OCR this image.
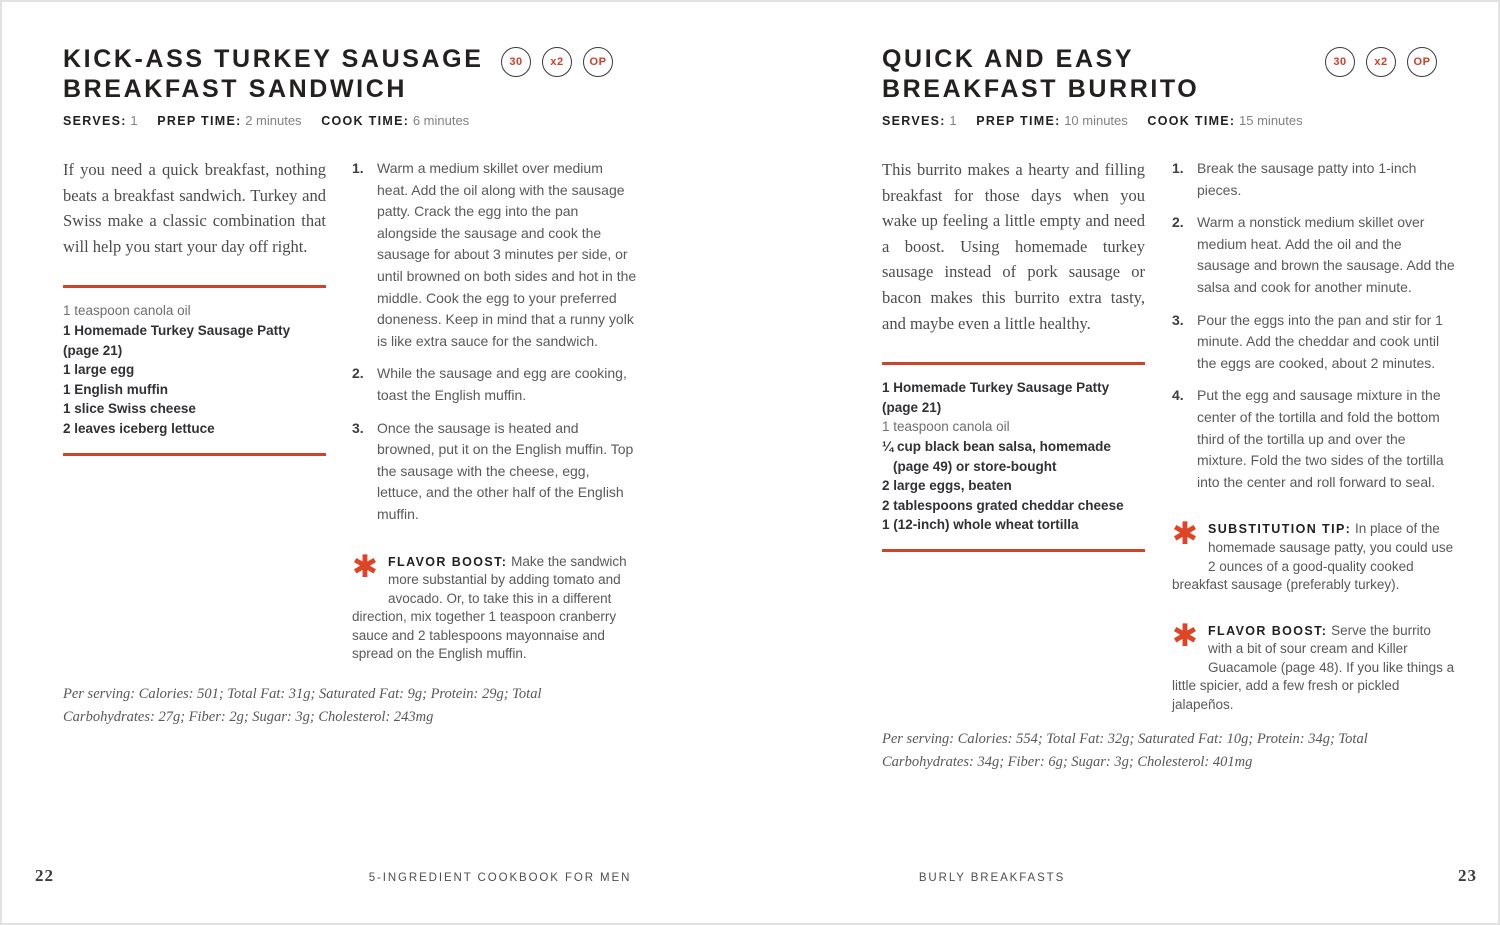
KICK-ASS TURKEY SAUSAGE
BREAKFAST SANDWICH
30	x2	OP
SERVES: 1 PREP TIME: 2 minutes COOK TIME: 6 minutes

If you need a quick breakfast, nothing beats a breakfast sandwich. Turkey and Swiss make a classic combination that will help you start your day off right.

1 teaspoon canola oil
1 Homemade Turkey Sausage Patty (page 21)
1 large egg
1 English muffin
1 slice Swiss cheese
2 leaves iceberg lettuce
1. Warm a medium skillet over medium heat. Add the oil along with the sausage patty. Crack the egg into the pan alongside the sausage and cook the sausage for about 3 minutes per side, or until browned on both sides and hot in the middle. Cook the egg to your preferred doneness. Keep in mind that a runny yolk is like extra sauce for the sandwich.
2. While the sausage and egg are cooking, toast the English muffin.
3. Once the sausage is heated and browned, put it on the English muffin. Top the sausage with the cheese, egg, lettuce, and the other half of the English muffin.
✱ FLAVOR BOOST: Make the sandwich more substantial by adding tomato and avocado. Or, to take this in a different direction, mix together 1 teaspoon cranberry sauce and 2 tablespoons mayonnaise and spread on the English muffin.

Per serving: Calories: 501; Total Fat: 31g; Saturated Fat: 9g; Protein: 29g; Total Carbohydrates: 27g; Fiber: 2g; Sugar: 3g; Cholesterol: 243mg

22	5-INGREDIENT COOKBOOK FOR MEN
QUICK AND EASY
BREAKFAST BURRITO
30	x2	OP
SERVES: 1 PREP TIME: 10 minutes COOK TIME: 15 minutes

This burrito makes a hearty and filling breakfast for those days when you wake up feeling a little empty and need a boost. Using homemade turkey sausage instead of pork sausage or bacon makes this burrito extra tasty, and maybe even a little healthy.

1 Homemade Turkey Sausage Patty (page 21)
1 teaspoon canola oil
¼ cup black bean salsa, homemade
(page 49) or store-bought
2 large eggs, beaten
2 tablespoons grated cheddar cheese
1 (12-inch) whole wheat tortilla
1. Break the sausage patty into 1-inch pieces.
2. Warm a nonstick medium skillet over medium heat. Add the oil and the sausage and brown the sausage. Add the salsa and cook for another minute.
3. Pour the eggs into the pan and stir for 1 minute. Add the cheddar and cook until the eggs are cooked, about 2 minutes.
4. Put the egg and sausage mixture in the center of the tortilla and fold the bottom third of the tortilla up and over the mixture. Fold the two sides of the tortilla into the center and roll forward to seal.
✱ SUBSTITUTION TIP: In place of the homemade sausage patty, you could use 2 ounces of a good-quality cooked breakfast sausage (preferably turkey).
✱ FLAVOR BOOST: Serve the burrito with a bit of sour cream and Killer Guacamole (page 48). If you like things a little spicier, add a few fresh or pickled jalapeños.

Per serving: Calories: 554; Total Fat: 32g; Saturated Fat: 10g; Protein: 34g; Total Carbohydrates: 34g; Fiber: 6g; Sugar: 3g; Cholesterol: 401mg

BURLY BREAKFASTS	23
